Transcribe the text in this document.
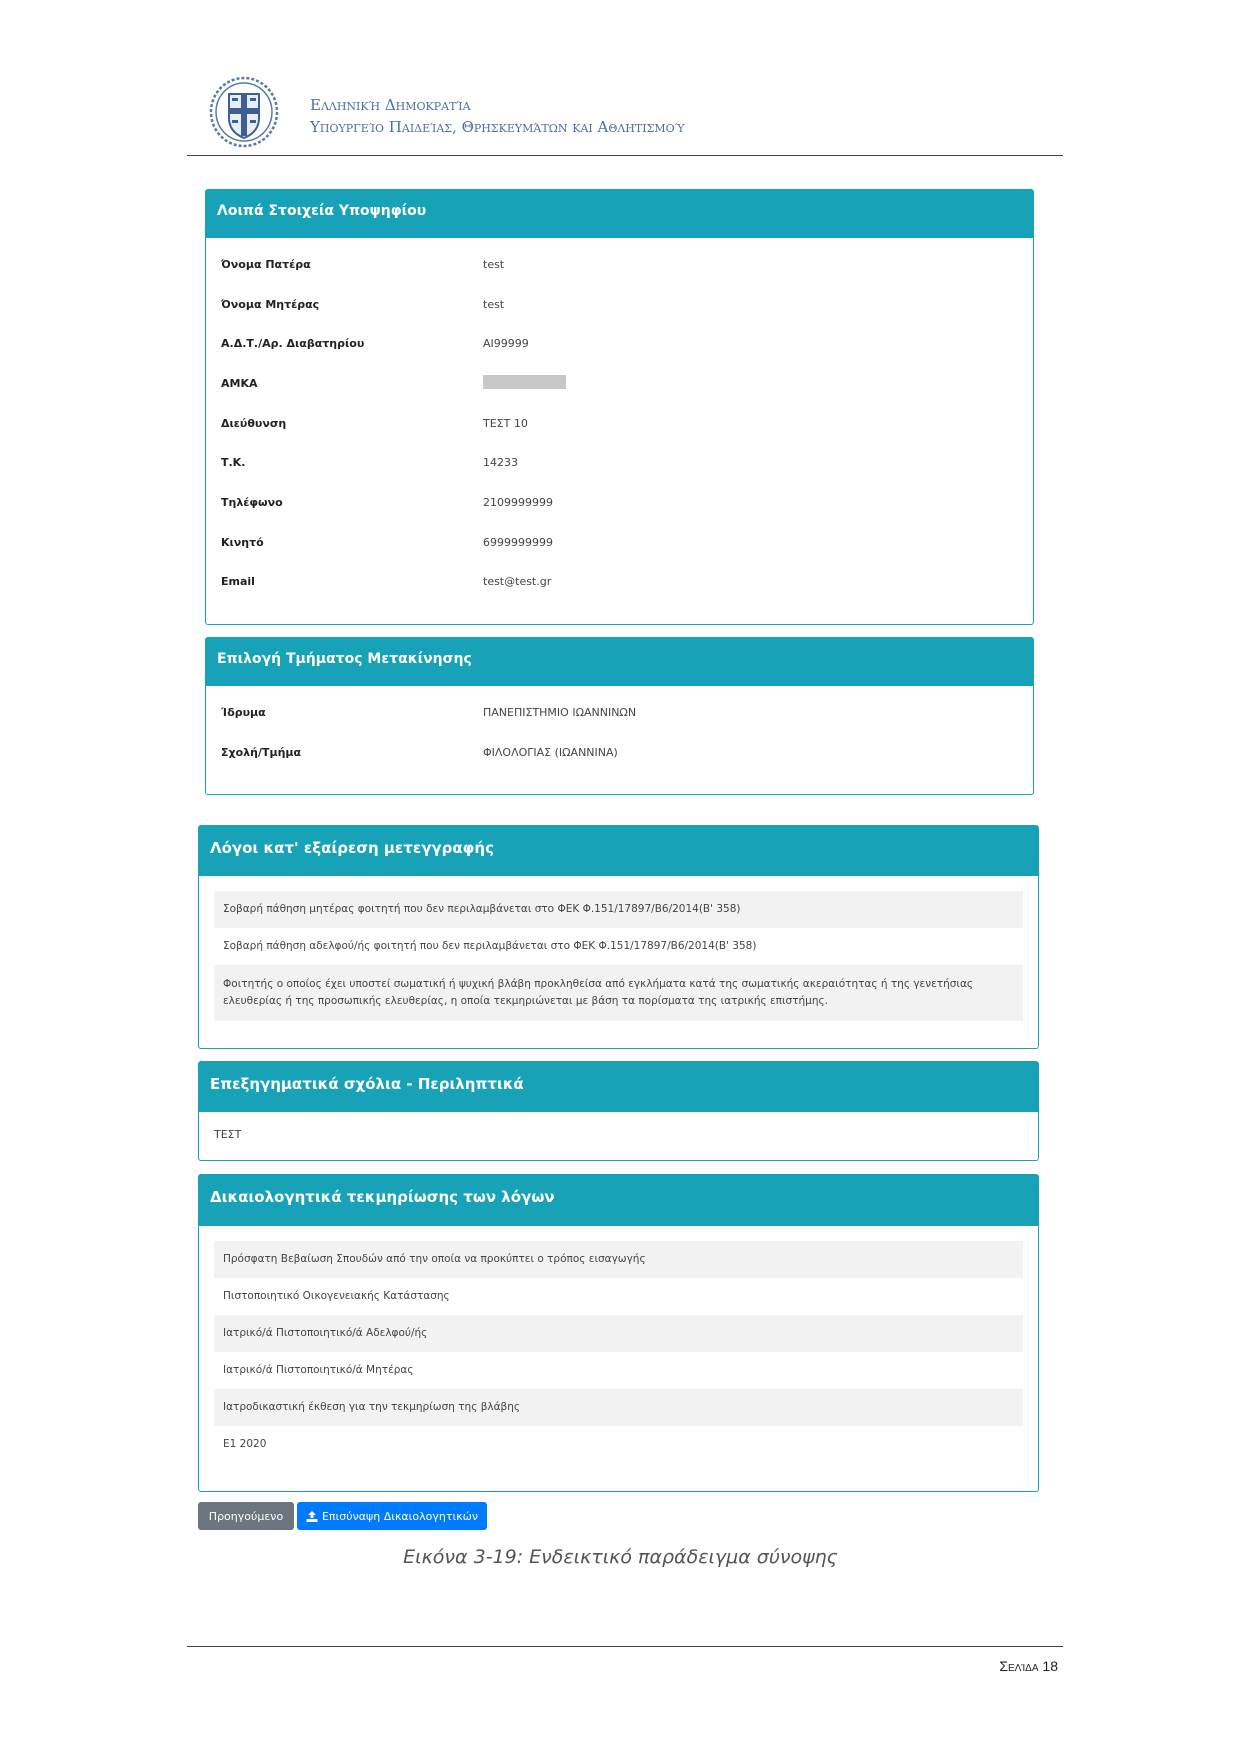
Ελληνική Δημοκρατία
Υπουργείο Παιδείας, Θρησκευμάτων και Αθλητισμού
Λοιπά Στοιχεία Υποψηφίου
Όνομα Πατέρα	test
Όνομα Μητέρας	test
Α.Δ.Τ./Αρ. Διαβατηρίου	ΑΙ99999
ΑΜΚΑ
Διεύθυνση	ΤΕΣΤ 10
Τ.Κ.	14233
Τηλέφωνο	2109999999
Κινητό	6999999999
Email	test@test.gr
Επιλογή Τμήματος Μετακίνησης
Ίδρυμα	ΠΑΝΕΠΙΣΤΗΜΙΟ ΙΩΑΝΝΙΝΩΝ
Σχολή/Τμήμα	ΦΙΛΟΛΟΓΙΑΣ (ΙΩΑΝΝΙΝΑ)
Λόγοι κατ' εξαίρεση μετεγγραφής
Σοβαρή πάθηση μητέρας φοιτητή που δεν περιλαμβάνεται στο ΦΕΚ Φ.151/17897/Β6/2014(Β' 358)
Σοβαρή πάθηση αδελφού/ής φοιτητή που δεν περιλαμβάνεται στο ΦΕΚ Φ.151/17897/Β6/2014(Β' 358)
Φοιτητής ο οποίος έχει υποστεί σωματική ή ψυχική βλάβη προκληθείσα από εγκλήματα κατά της σωματικής ακεραιότητας ή της γενετήσιας ελευθερίας ή της προσωπικής ελευθερίας, η οποία τεκμηριώνεται με βάση τα πορίσματα της ιατρικής επιστήμης.
Επεξηγηματικά σχόλια - Περιληπτικά
ΤΕΣΤ
Δικαιολογητικά τεκμηρίωσης των λόγων
Πρόσφατη Βεβαίωση Σπουδών από την οποία να προκύπτει ο τρόπος εισαγωγής
Πιστοποιητικό Οικογενειακής Κατάστασης
Ιατρικό/ά Πιστοποιητικό/ά Αδελφού/ής
Ιατρικό/ά Πιστοποιητικό/ά Μητέρας
Ιατροδικαστική έκθεση για την τεκμηρίωση της βλάβης
Ε1 2020
Προηγούμενο	Επισύναψη Δικαιολογητικών
Εικόνα 3-19: Ενδεικτικό παράδειγμα σύνοψης
Σελίδα 18
